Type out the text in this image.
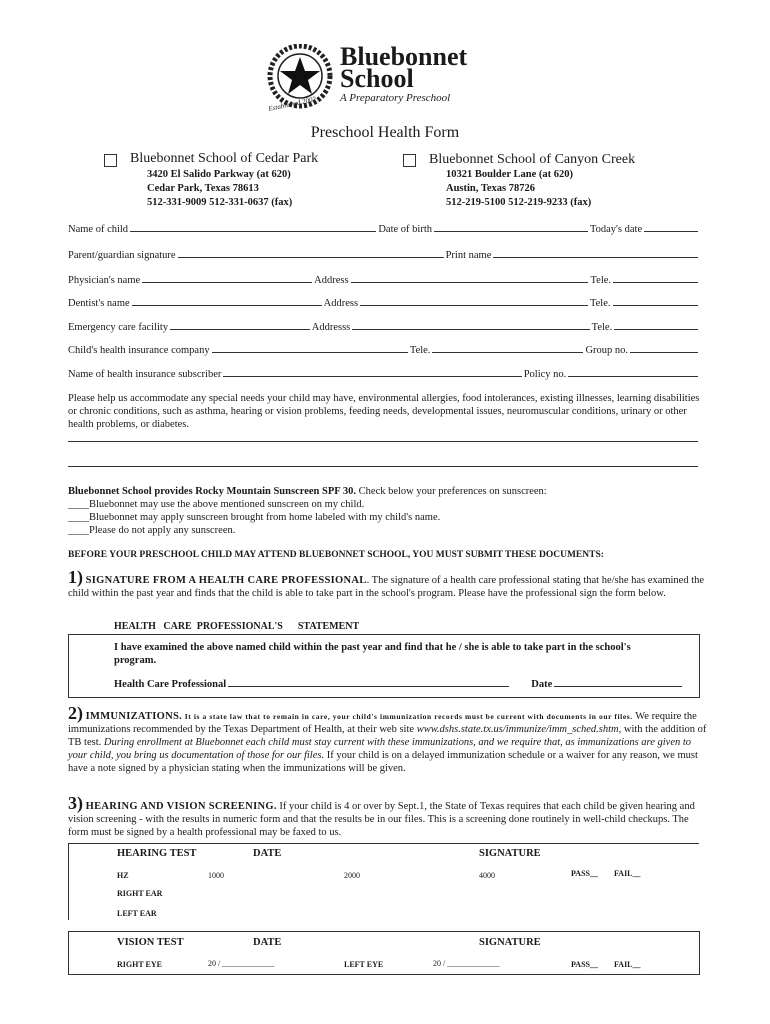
Established 2002
Bluebonnet
School
A Preparatory Preschool
Preschool Health Form
Bluebonnet School of Cedar Park
3420 El Salido Parkway (at 620)
Cedar Park, Texas 78613
512-331-9009 512-331-0637 (fax)
Bluebonnet School of Canyon Creek
10321 Boulder Lane (at 620)
Austin, Texas 78726
512-219-5100 512-219-9233 (fax)
Name of child	Date of birth	Today's date
Parent/guardian signature	Print name
Physician's name	Address	Tele.
Dentist's name	Address	Tele.
Emergency care facility	Addresss	Tele.
Child's health insurance company	Tele.	Group no.
Name of health insurance subscriber	Policy no.
Please help us accommodate any special needs your child may have, environmental allergies, food intolerances, existing illnesses, learning disabilities or chronic conditions, such as asthma, hearing or vision problems, feeding needs, developmental issues, neuromuscular conditions, urinary or other health problems, or diabetes.
Bluebonnet School provides Rocky Mountain Sunscreen SPF 30. Check below your preferences on sunscreen:
____Bluebonnet may use the above mentioned sunscreen on my child.
____Bluebonnet may apply sunscreen brought from home labeled with my child's name.
____Please do not apply any sunscreen.
BEFORE YOUR PRESCHOOL CHILD MAY ATTEND BLUEBONNET SCHOOL, YOU MUST SUBMIT THESE DOCUMENTS:
1) SIGNATURE FROM A HEALTH CARE PROFESSIONAL. The signature of a health care professional stating that he/she has examined the child within the past year and finds that the child is able to take part in the school's program. Please have the professional sign the form below.
HEALTH   CARE  PROFESSIONAL'S      STATEMENT
I have examined the above named child within the past year and find that he / she is able to take part in the school's program.
Health Care Professional	Date
2) IMMUNIZATIONS. It is a state law that to remain in care, your child's immunization records must be current with documents in our files. We require the immunizations recommended by the Texas Department of Health, at their web site www.dshs.state.tx.us/immunize/imm_sched.shtm, with the addition of TB test. During enrollment at Bluebonnet each child must stay current with these immunizations, and we require that, as immunizations are given to your child, you bring us documentation of those for our files. If your child is on a delayed immunization schedule or a waiver for any reason, we must have a note signed by a physician stating when the immunizations will be given.
3) HEARING AND VISION SCREENING. If your child is 4 or over by Sept.1, the State of Texas requires that each child be given hearing and vision screening - with the results in numeric form and that the results be in our files. This is a screening done routinely in well-child checkups. The form must be signed by a health professional may be faxed to us.
HEARING TEST	DATE	SIGNATURE
HZ	1000	2000	4000	PASS__ FAIL__
RIGHT EAR
LEFT EAR
VISION TEST	DATE	SIGNATURE
RIGHT EYE	20 / _____________	LEFT EYE	20 / _____________	PASS__ FAIL__
